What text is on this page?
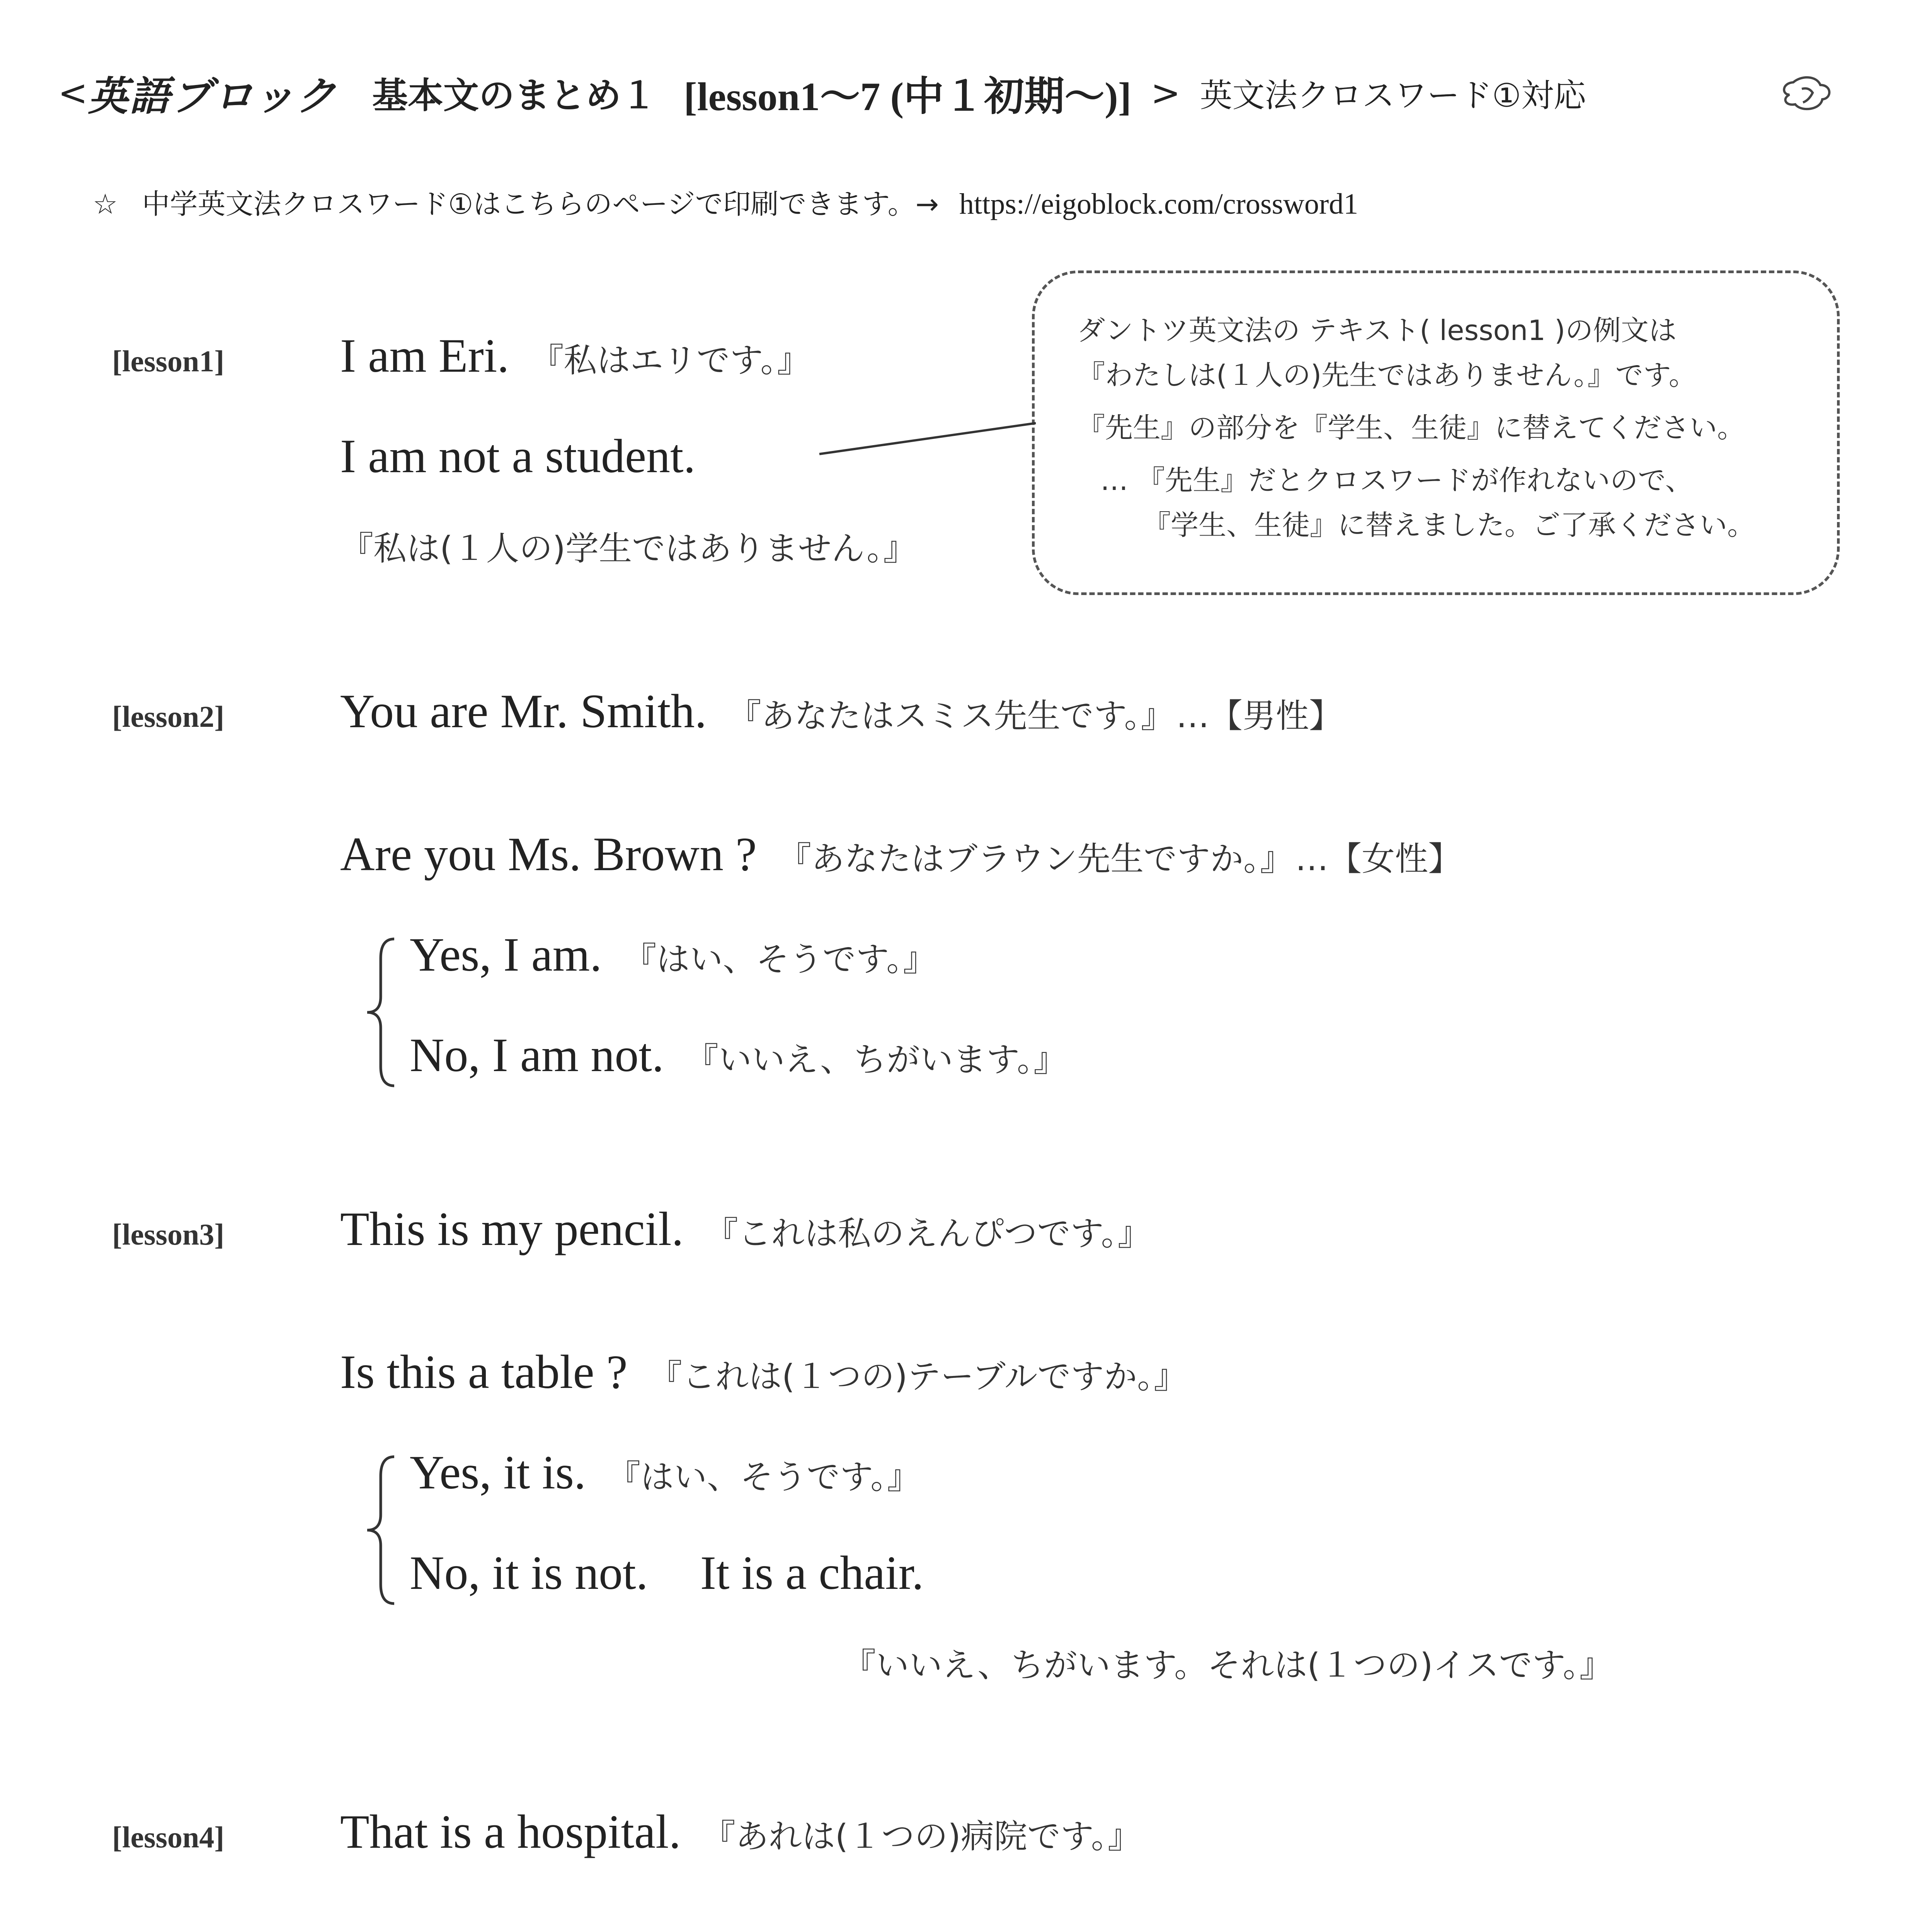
< 英語ブロック 基本文のまとめ１ [lesson1〜7 (中１初期〜)] > 英文法クロスワード①対応
☆ 中学英文法クロスワード①はこちらのページで印刷できます。→ https://eigoblock.com/crossword1
ダントツ英文法の テキスト( lesson1 )の例文は
『わたしは(１人の)先生ではありません。』です。
『先生』の部分を『学生、生徒』に替えてください。
… 『先生』だとクロスワードが作れないので、
『学生、生徒』に替えました。ご了承ください。
[lesson1] I am Eri. 『私はエリです。』
I am not a student.
『私は(１人の)学生ではありません。』
[lesson2] You are Mr. Smith. 『あなたはスミス先生です。』 …【男性】
Are you Ms. Brown ? 『あなたはブラウン先生ですか。』 …【女性】
Yes, I am. 『はい、そうです。』
No, I am not. 『いいえ、ちがいます。』
[lesson3] This is my pencil. 『これは私のえんぴつです。』
Is this a table ? 『これは(１つの)テーブルですか。』
Yes, it is. 『はい、そうです。』
No, it is not. It is a chair.
『いいえ、ちがいます。それは(１つの)イスです。』
[lesson4] That is a hospital. 『あれは(１つの)病院です。』
